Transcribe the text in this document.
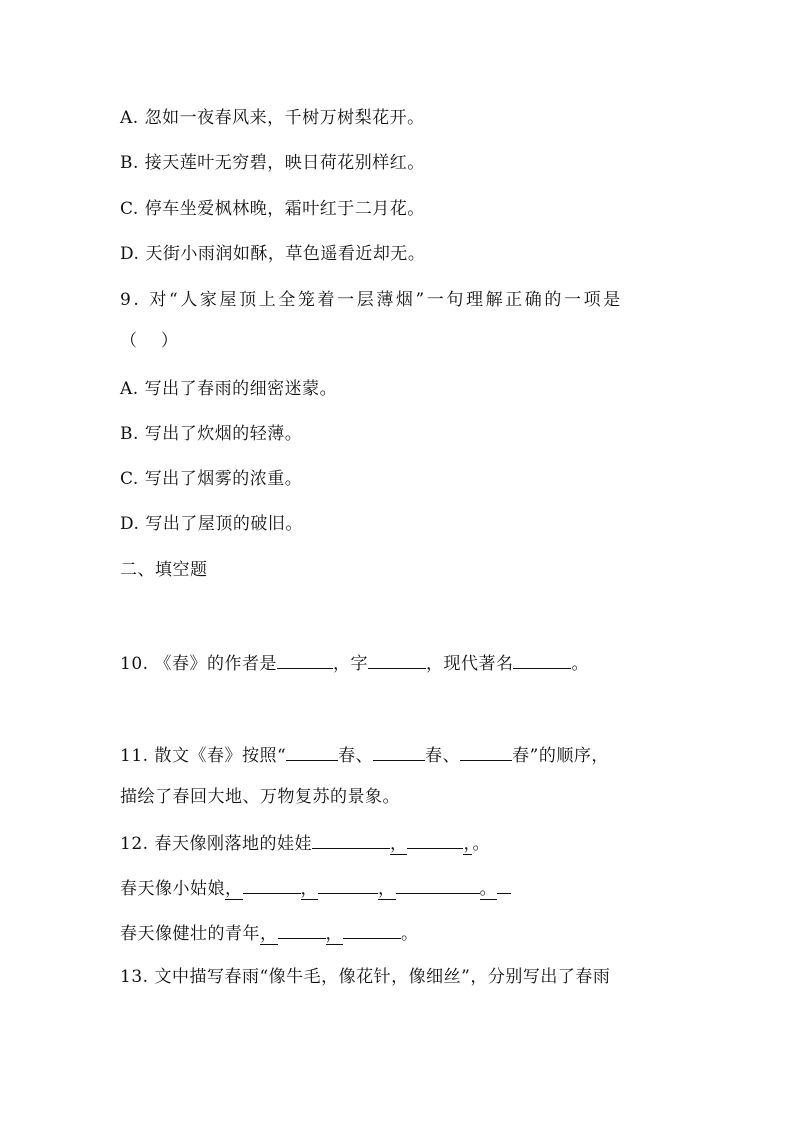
A. 忽如一夜春风来，千树万树梨花开。
B. 接天莲叶无穷碧，映日荷花别样红。
C. 停车坐爱枫林晚，霜叶红于二月花。
D. 天街小雨润如酥，草色遥看近却无。
9. 对“人家屋顶上全笼着一层薄烟”一句理解正确的一项是
（　 ）
A. 写出了春雨的细密迷蒙。
B. 写出了炊烟的轻薄。
C. 写出了烟雾的浓重。
D. 写出了屋顶的破旧。
二、填空题
10. 《春》的作者是	，字	，现代著名	。
11. 散文《春》按照“	春、	春、	春”的顺序，
描绘了春回大地、万物复苏的景象。
12. 春天像刚落地的娃娃	，	，。
春天像小姑娘，	，	，	。
春天像健壮的青年，	，	。
13. 文中描写春雨“像牛毛，像花针，像细丝”，分别写出了春雨
